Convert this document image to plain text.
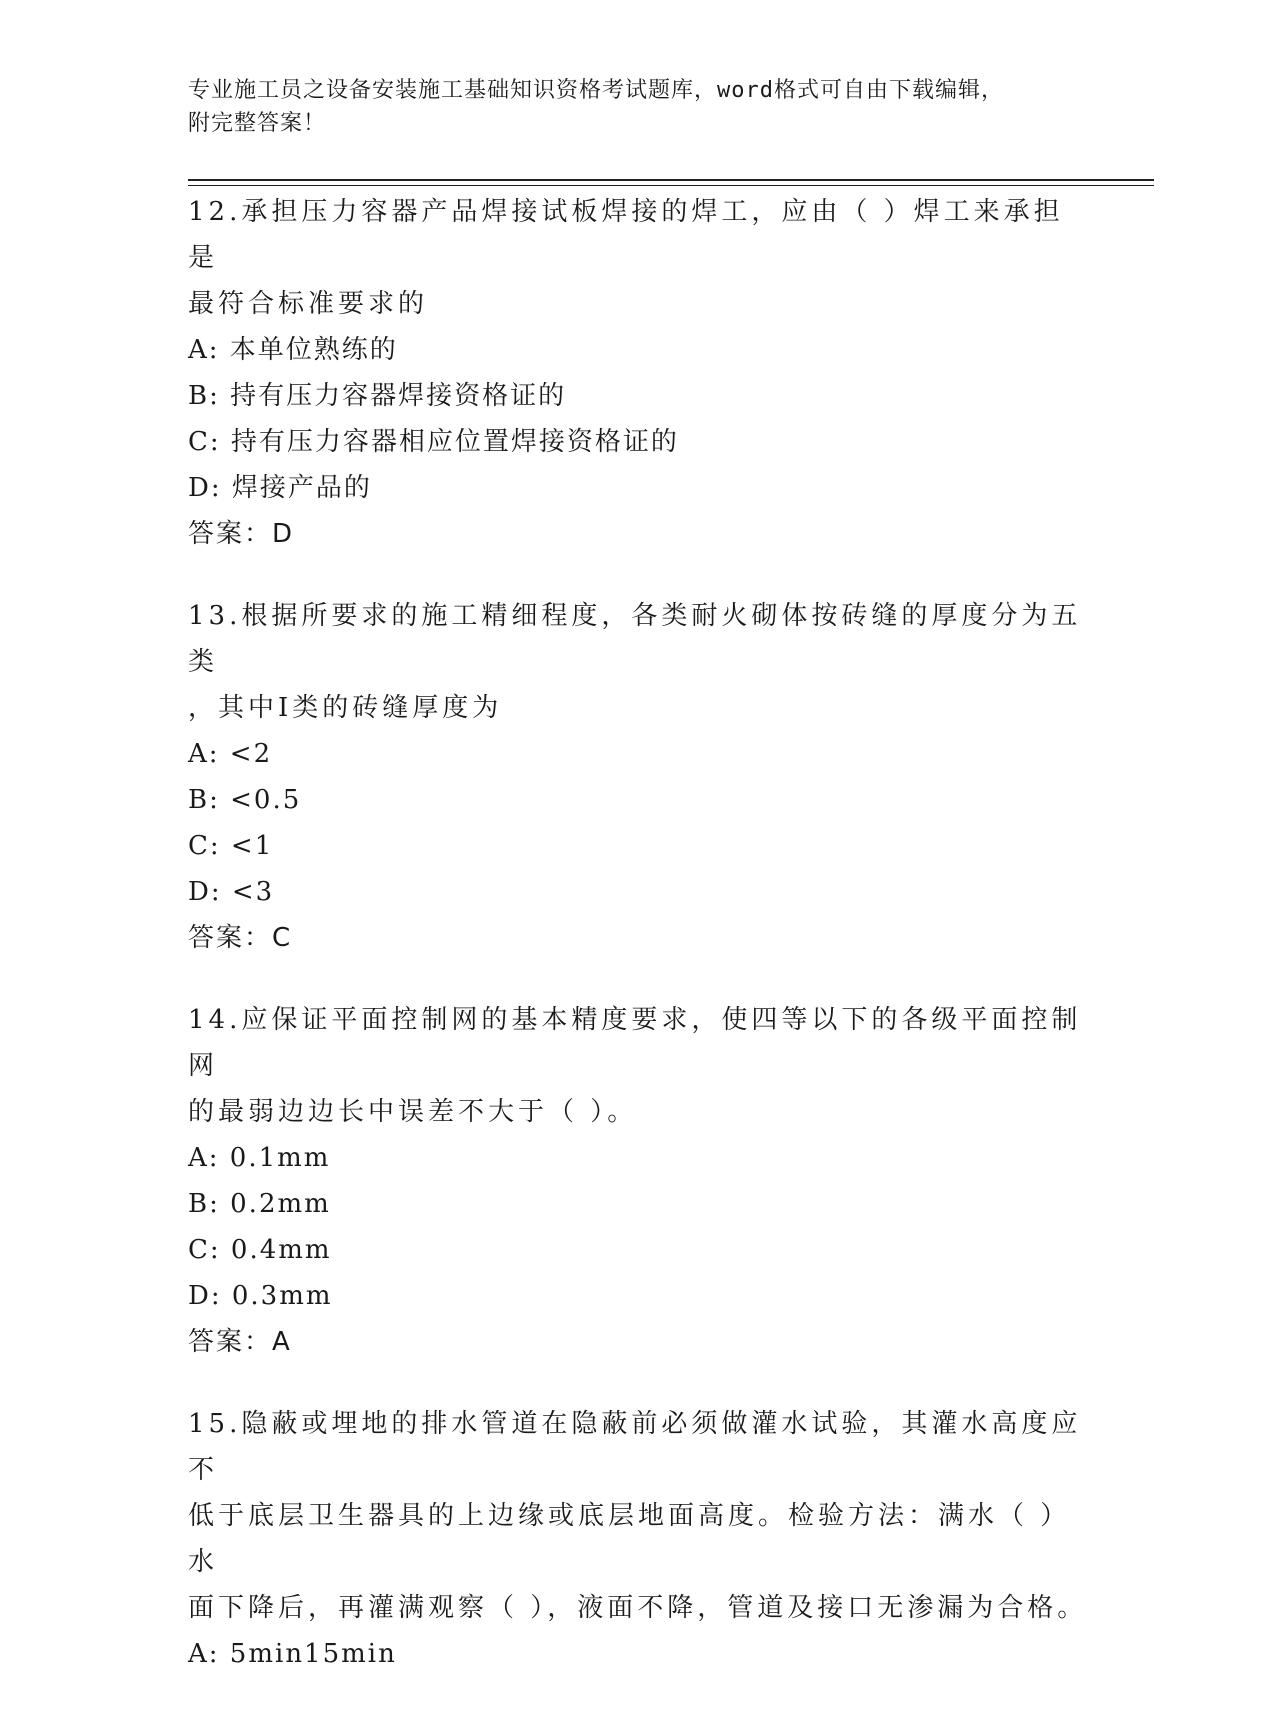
专业施工员之设备安装施工基础知识资格考试题库，word格式可自由下载编辑，
附完整答案！
12.承担压力容器产品焊接试板焊接的焊工，应由（ ）焊工来承担是
最符合标准要求的
A: 本单位熟练的
B: 持有压力容器焊接资格证的
C: 持有压力容器相应位置焊接资格证的
D: 焊接产品的
答案：D
13.根据所要求的施工精细程度，各类耐火砌体按砖缝的厚度分为五类
，其中Ⅰ类的砖缝厚度为
A: <2
B: <0.5
C: <1
D: <3
答案：C
14.应保证平面控制网的基本精度要求，使四等以下的各级平面控制网
的最弱边边长中误差不大于（ ）。
A: 0.1mm
B: 0.2mm
C: 0.4mm
D: 0.3mm
答案：A
15.隐蔽或埋地的排水管道在隐蔽前必须做灌水试验，其灌水高度应不
低于底层卫生器具的上边缘或底层地面高度。检验方法：满水（ ）水
面下降后，再灌满观察（ ），液面不降，管道及接口无渗漏为合格。
A: 5min15min
